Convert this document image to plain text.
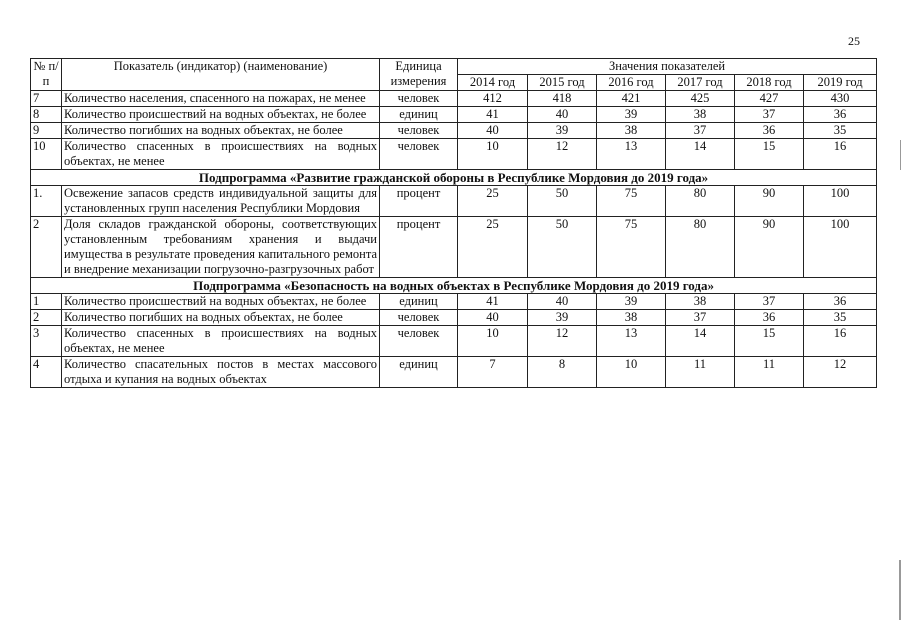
25
№ п/п	Показатель (индикатор) (наименование)	Единица измерения	Значения показателей					
			2014 год	2015 год	2016 год	2017 год	2018 год	2019 год
7	Количество населения, спасенного на пожарах, не менее	человек	412	418	421	425	427	430
8	Количество происшествий на водных объектах, не более	единиц	41	40	39	38	37	36
9	Количество погибших на водных объектах, не более	человек	40	39	38	37	36	35
10	Количество спасенных в происшествиях на водных объектах, не менее	человек	10	12	13	14	15	16
Подпрограмма «Развитие гражданской обороны в Республике Мордовия до 2019 года»								
1.	Освежение запасов средств индивидуальной защиты для установленных групп населения Республики Мордовия	процент	25	50	75	80	90	100
2	Доля складов гражданской обороны, соответствующих установленным требованиям хранения и выдачи имущества в результате проведения капитального ремонта и внедрение механизации погрузочно-разгрузочных работ	процент	25	50	75	80	90	100
Подпрограмма «Безопасность на водных объектах в Республике Мордовия до 2019 года»								
1	Количество происшествий на водных объектах, не более	единиц	41	40	39	38	37	36
2	Количество погибших на водных объектах, не более	человек	40	39	38	37	36	35
3	Количество спасенных в происшествиях на водных объектах, не менее	человек	10	12	13	14	15	16
4	Количество спасательных постов в местах массового отдыха и купания на водных объектах	единиц	7	8	10	11	11	12
